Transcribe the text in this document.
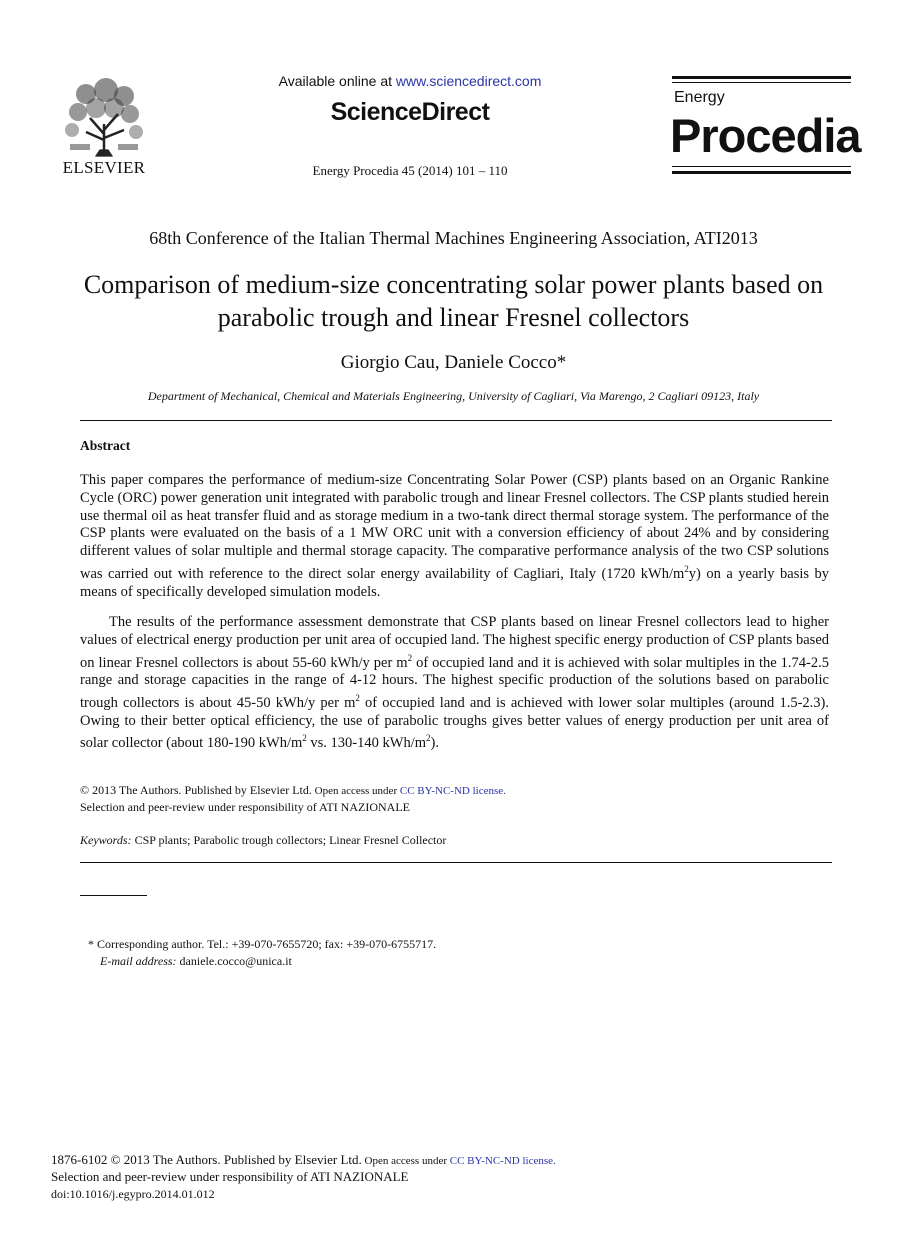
ELSEVIER
Available online at www.sciencedirect.com
ScienceDirect
Energy Procedia 45 (2014) 101 – 110
Energy
Procedia
68th Conference of the Italian Thermal Machines Engineering Association, ATI2013
Comparison of medium-size concentrating solar power plants based on parabolic trough and linear Fresnel collectors
Giorgio Cau, Daniele Cocco*
Department of Mechanical, Chemical and Materials Engineering, University of Cagliari, Via Marengo, 2 Cagliari 09123, Italy
Abstract
This paper compares the performance of medium-size Concentrating Solar Power (CSP) plants based on an Organic Rankine Cycle (ORC) power generation unit integrated with parabolic trough and linear Fresnel collectors. The CSP plants studied herein use thermal oil as heat transfer fluid and as storage medium in a two-tank direct thermal storage system. The performance of the CSP plants were evaluated on the basis of a 1 MW ORC unit with a conversion efficiency of about 24% and by considering different values of solar multiple and thermal storage capacity. The comparative performance analysis of the two CSP solutions was carried out with reference to the direct solar energy availability of Cagliari, Italy (1720 kWh/$m^2y$) on a yearly basis by means of specifically developed simulation models.
The results of the performance assessment demonstrate that CSP plants based on linear Fresnel collectors lead to higher values of electrical energy production per unit area of occupied land. The highest specific energy production of CSP plants based on linear Fresnel collectors is about 55-60 kWh/y per $m^2$ of occupied land and it is achieved with solar multiples in the 1.74-2.5 range and storage capacities in the range of 4-12 hours. The highest specific production of the solutions based on parabolic trough collectors is about 45-50 kWh/y per $m^2$ of occupied land and is achieved with lower solar multiples (around 1.5-2.3). Owing to their better optical efficiency, the use of parabolic troughs gives better values of energy production per unit area of solar collector (about 180-190 kWh/$m^2$ vs. 130-140 kWh/$m^2$).
© 2013 The Authors. Published by Elsevier Ltd. Open access under CC BY-NC-ND license.
Selection and peer-review under responsibility of ATI NAZIONALE
Keywords: CSP plants; Parabolic trough collectors; Linear Fresnel Collector
* Corresponding author. Tel.: +39-070-7655720; fax: +39-070-6755717.
E-mail address: daniele.cocco@unica.it
1876-6102 © 2013 The Authors. Published by Elsevier Ltd. Open access under CC BY-NC-ND license.
Selection and peer-review under responsibility of ATI NAZIONALE
doi:10.1016/j.egypro.2014.01.012
